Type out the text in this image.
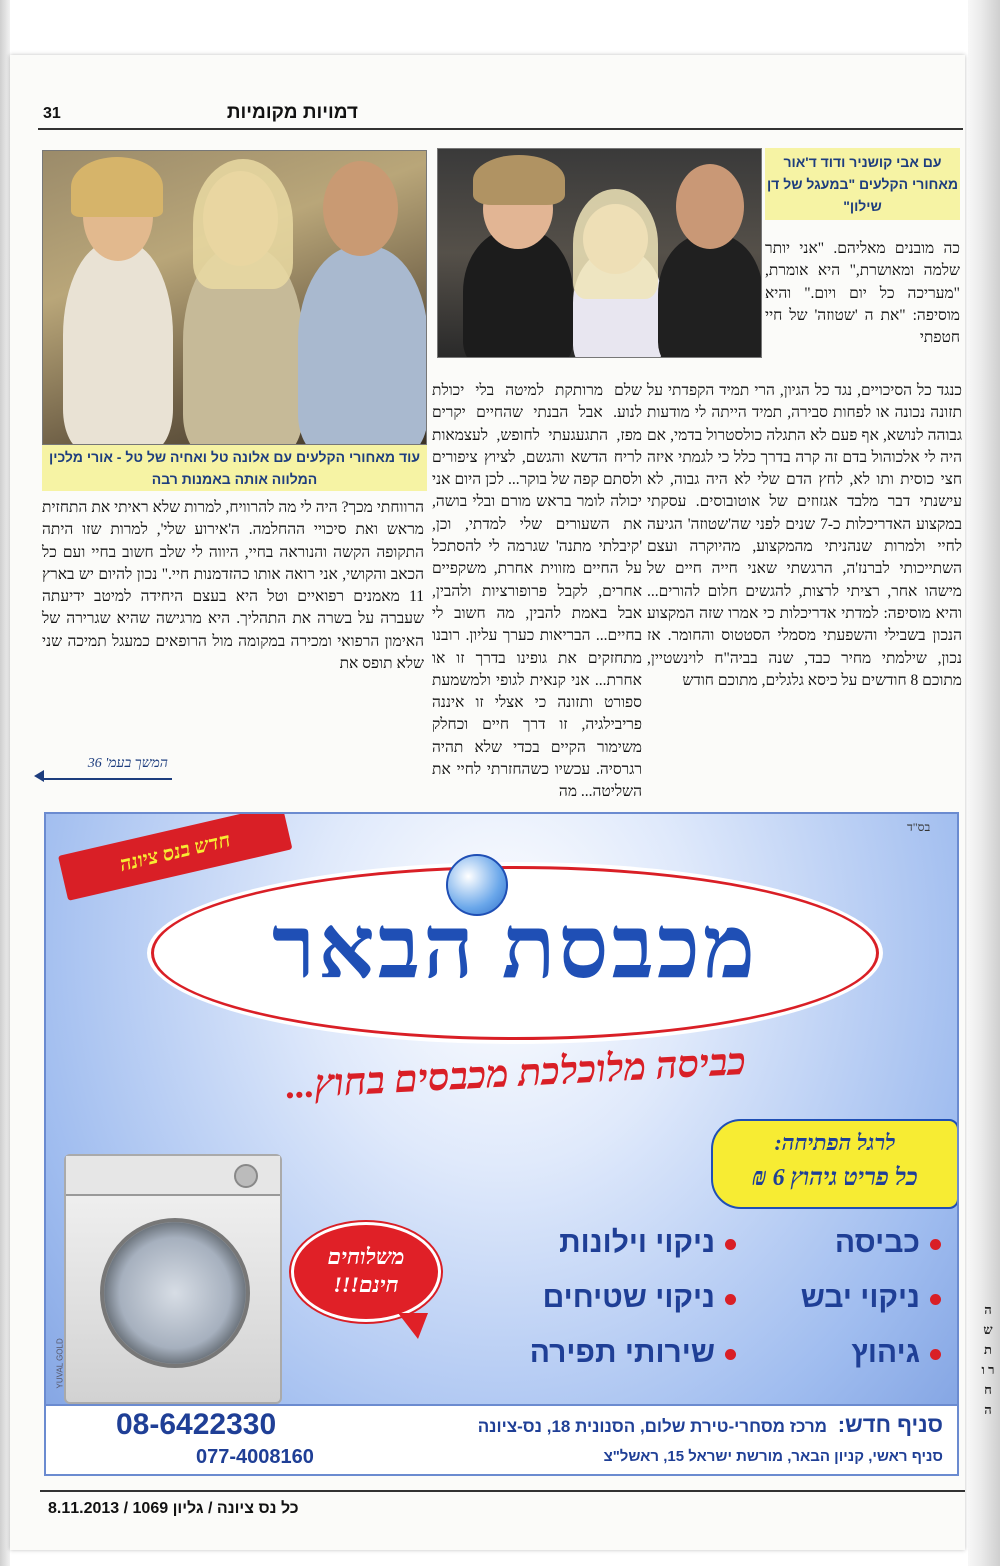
ה ש ת ר ו ח ה
דמויות מקומיות
31
עוד מאחורי הקלעים עם אלונה טל ואחיה של טל - אורי מלכין המלווה אותה באמנות רבה
עם אבי קושניר ודוד ד'אור מאחורי הקלעים "במעגל של דן שילון"
כה מובנים מאליהם. "אני יותר שלמה ומאושרת," היא אומרת, "מעריכה כל יום ויום." והיא מוסיפה: "את ה 'שטוזה' של חיי חטפתי
כנגד כל הסיכויים, נגד כל הגיון, הרי תמיד הקפדתי על תזונה נכונה או לפחות סבירה, תמיד הייתה לי מודעות גבוהה לנושא, אף פעם לא התגלה כולסטרול בדמי, אם היה לי אלכוהול בדם זה קרה בדרך כלל כי לגמתי איזה חצי כוסית ותו לא, לחץ הדם שלי לא היה גבוה, לא עישנתי דבר מלבד אגזוזים של אוטובוסים. עסקתי במקצוע האדריכלות כ-7 שנים לפני שה'שטוזה' הגיעה לחיי ולמרות שנהניתי מהמקצוע, מהיוקרה ועצם השתייכותי לברנז'ה, הרגשתי שאני חייה חיים של מישהו אחר, רציתי לרצות, להגשים חלום להורים... והיא מוסיפה: למדתי אדריכלות כי אמרו שזה המקצוע הנכון בשבילי והשפעתי מסמלי הסטטוס והחומר. אז נכון, שילמתי מחיר כבד, שנה בביה"ח לוינשטיין, מתוכם 8 חודשים על כיסא גלגלים, מתוכם חודש
שלם מרותקת למיטה בלי יכולת לנוע. אבל הבנתי שהחיים יקרים מפז, התגעגעתי לחופש, לעצמאות לריח הדשא והגשם, לציוץ ציפורים ולסתם קפה של בוקר... לכן היום אני יכולה לומר בראש מורם ובלי בושה, את השעורים שלי למדתי, וכן, 'קיבלתי מתנה' שגרמה לי להסתכל על החיים מזווית אחרת, משקפיים אחרים, לקבל פרופורציות ולהבין, אבל באמת להבין, מה חשוב לי בחיים... הבריאות כערך עליון. רובנו מתחזקים את גופינו בדרך זו או אחרת... אני קנאית לגופי ולמשמעת ספורט ותזונה כי אצלי זו איננה פריבילגיה, זו דרך חיים וכחלק משימור הקיים בכדי שלא תהיה רגרסיה. עכשיו כשהחזרתי לחיי את השליטה... מה
הרווחתי מכך? היה לי מה להרוויח, למרות שלא ראיתי את התחזית מראש ואת סיכויי ההחלמה. ה'אירוע שלי', למרות שזו היתה התקופה הקשה והנוראה בחיי, היווה לי שלב חשוב בחיי ועם כל הכאב והקושי, אני רואה אותו כהזדמנות חיי." נכון להיום יש בארץ 11 מאמנים רפואיים וטל היא בעצם היחידה למיטב ידיעתה שעברה על בשרה את התהליך. היא מרגישה שהיא שגרירה של האימון הרפואי ומכירה במקומה מול הרופאים כמעגל תמיכה שני שלא תופס את
המשך בעמ' 36
חדש בנס ציונה
מכבסת הבאר
כביסה מלוכלכת מכבסים בחוץ...
לרגל הפתיחה:
כל פריט גיהוץ 6 ₪
משלוחים חינם!!!
כביסה
ניקוי וילונות
ניקוי יבש
ניקוי שטיחים
גיהוץ
שירותי תפירה
YUVAL GOLD
סניף חדש: מרכז מסחרי-טירת שלום, הסנונית 18, נס-ציונה
08-6422330
סניף ראשי, קניון הבאר, מורשת ישראל 15, ראשל"צ
077-4008160
בס"ד
כל נס ציונה / גליון 1069 / 8.11.2013
